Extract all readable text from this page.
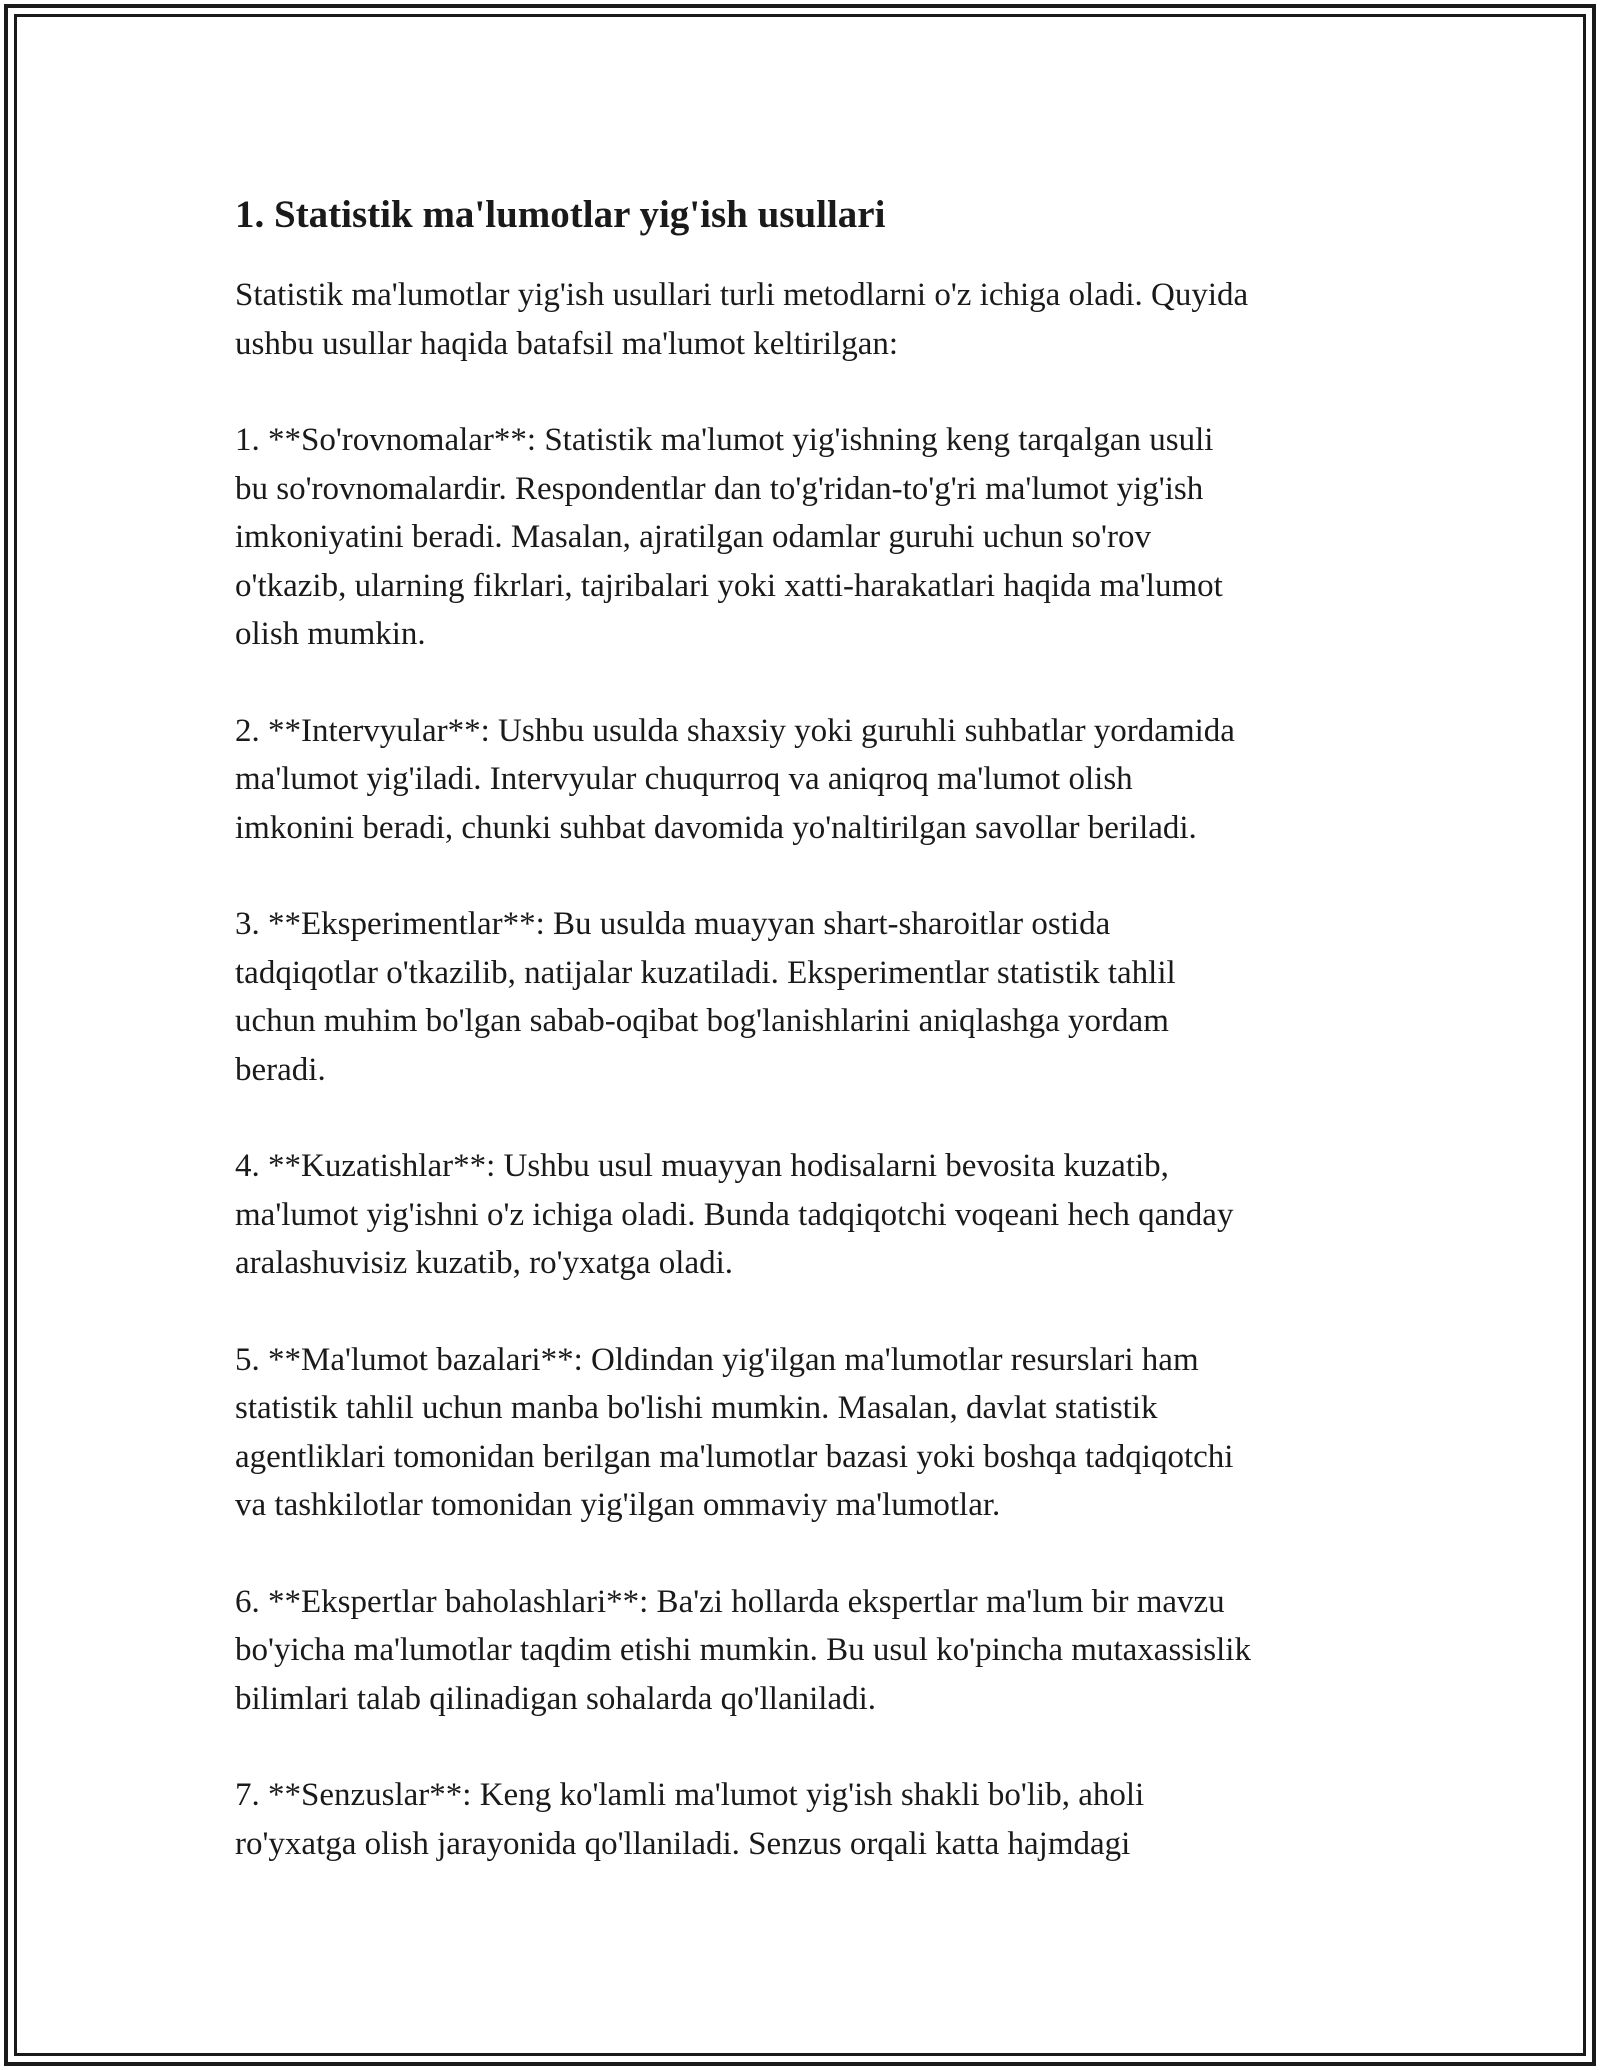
1. Statistik ma'lumotlar yig'ish usullari

Statistik ma'lumotlar yig'ish usullari turli metodlarni o'z ichiga oladi. Quyida
ushbu usullar haqida batafsil ma'lumot keltirilgan:

1. **So'rovnomalar**: Statistik ma'lumot yig'ishning keng tarqalgan usuli
bu so'rovnomalardir. Respondentlar dan to'g'ridan-to'g'ri ma'lumot yig'ish
imkoniyatini beradi. Masalan, ajratilgan odamlar guruhi uchun so'rov
o'tkazib, ularning fikrlari, tajribalari yoki xatti-harakatlari haqida ma'lumot
olish mumkin.

2. **Intervyular**: Ushbu usulda shaxsiy yoki guruhli suhbatlar yordamida
ma'lumot yig'iladi. Intervyular chuqurroq va aniqroq ma'lumot olish
imkonini beradi, chunki suhbat davomida yo'naltirilgan savollar beriladi.

3. **Eksperimentlar**: Bu usulda muayyan shart-sharoitlar ostida
tadqiqotlar o'tkazilib, natijalar kuzatiladi. Eksperimentlar statistik tahlil
uchun muhim bo'lgan sabab-oqibat bog'lanishlarini aniqlashga yordam
beradi.

4. **Kuzatishlar**: Ushbu usul muayyan hodisalarni bevosita kuzatib,
ma'lumot yig'ishni o'z ichiga oladi. Bunda tadqiqotchi voqeani hech qanday
aralashuvisiz kuzatib, ro'yxatga oladi.

5. **Ma'lumot bazalari**: Oldindan yig'ilgan ma'lumotlar resurslari ham
statistik tahlil uchun manba bo'lishi mumkin. Masalan, davlat statistik
agentliklari tomonidan berilgan ma'lumotlar bazasi yoki boshqa tadqiqotchi
va tashkilotlar tomonidan yig'ilgan ommaviy ma'lumotlar.

6. **Ekspertlar baholashlari**: Ba'zi hollarda ekspertlar ma'lum bir mavzu
bo'yicha ma'lumotlar taqdim etishi mumkin. Bu usul ko'pincha mutaxassislik
bilimlari talab qilinadigan sohalarda qo'llaniladi.

7. **Senzuslar**: Keng ko'lamli ma'lumot yig'ish shakli bo'lib, aholi
ro'yxatga olish jarayonida qo'llaniladi. Senzus orqali katta hajmdagi
